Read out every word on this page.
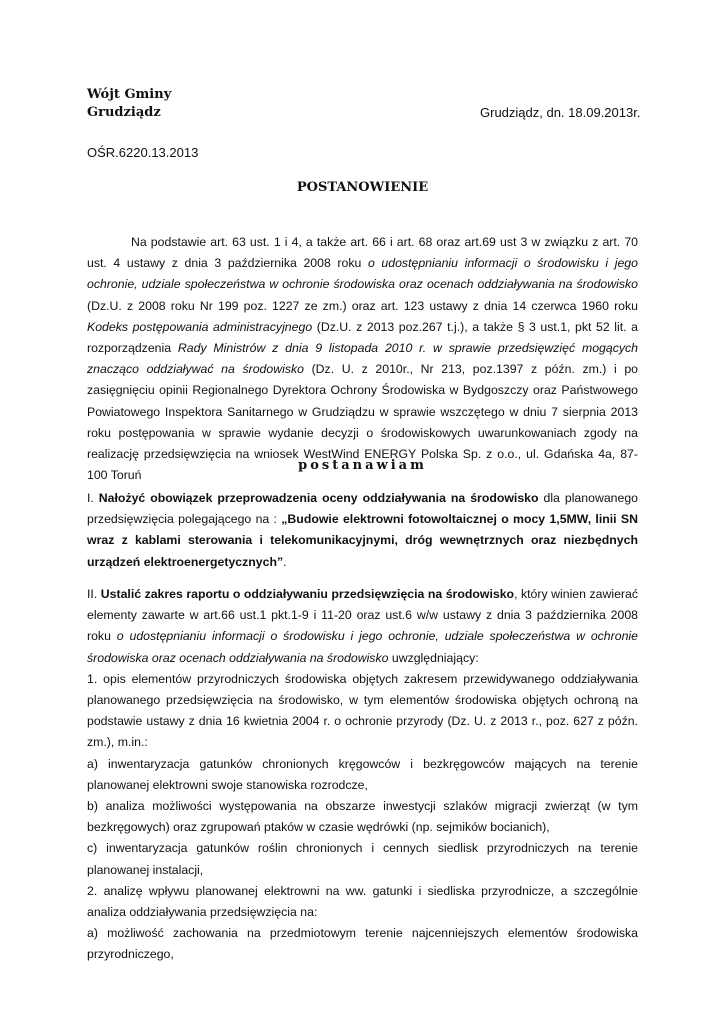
Wójt Gminy
Grudziądz	Grudziądz, dn. 18.09.2013r.
OŚR.6220.13.2013
POSTANOWIENIE

Na podstawie art. 63 ust. 1 i 4, a także art. 66 i art. 68 oraz art.69 ust 3 w związku z art. 70 ust. 4 ustawy z dnia 3 października 2008 roku o udostępnianiu informacji o środowisku i jego ochronie, udziale społeczeństwa w ochronie środowiska oraz ocenach oddziaływania na środowisko (Dz.U. z 2008 roku Nr 199 poz. 1227 ze zm.) oraz art. 123 ustawy z dnia 14 czerwca 1960 roku Kodeks postępowania administracyjnego (Dz.U. z 2013 poz.267 t.j.), a także § 3 ust.1, pkt 52 lit. a rozporządzenia Rady Ministrów z dnia 9 listopada 2010 r. w sprawie przedsięwzięć mogących znacząco oddziaływać na środowisko (Dz. U. z 2010r., Nr 213, poz.1397 z późn. zm.) i po zasięgnięciu opinii Regionalnego Dyrektora Ochrony Środowiska w Bydgoszczy oraz Państwowego Powiatowego Inspektora Sanitarnego w Grudziądzu w sprawie wszczętego w dniu 7 sierpnia 2013 roku postępowania w sprawie wydanie decyzji o środowiskowych uwarunkowaniach zgody na realizację przedsięwzięcia na wniosek WestWind ENERGY Polska Sp. z o.o., ul. Gdańska 4a, 87-100 Toruń

postanawiam

I. Nałożyć obowiązek przeprowadzenia oceny oddziaływania na środowisko dla planowanego przedsięwzięcia polegającego na : „Budowie elektrowni fotowoltaicznej o mocy 1,5MW, linii SN wraz z kablami sterowania i telekomunikacyjnymi, dróg wewnętrznych oraz niezbędnych urządzeń elektroenergetycznych”.

II. Ustalić zakres raportu o oddziaływaniu przedsięwzięcia na środowisko, który winien zawierać elementy zawarte w art.66 ust.1 pkt.1-9 i 11-20 oraz ust.6 w/w ustawy z dnia 3 października 2008 roku o udostępnianiu informacji o środowisku i jego ochronie, udziale społeczeństwa w ochronie środowiska oraz ocenach oddziaływania na środowisko uwzględniający:

1. opis elementów przyrodniczych środowiska objętych zakresem przewidywanego oddziaływania planowanego przedsięwzięcia na środowisko, w tym elementów środowiska objętych ochroną na podstawie ustawy z dnia 16 kwietnia 2004 r. o ochronie przyrody (Dz. U. z 2013 r., poz. 627 z późn. zm.), m.in.:

a) inwentaryzacja gatunków chronionych kręgowców i bezkręgowców mających na terenie planowanej elektrowni swoje stanowiska rozrodcze,

b) analiza możliwości występowania na obszarze inwestycji szlaków migracji zwierząt (w tym bezkręgowych) oraz zgrupowań ptaków w czasie wędrówki (np. sejmików bocianich),

c) inwentaryzacja gatunków roślin chronionych i cennych siedlisk przyrodniczych na terenie planowanej instalacji,

2. analizę wpływu planowanej elektrowni na ww. gatunki i siedliska przyrodnicze, a szczególnie analiza oddziaływania przedsięwzięcia na:

a) możliwość zachowania na przedmiotowym terenie najcenniejszych elementów środowiska przyrodniczego,
